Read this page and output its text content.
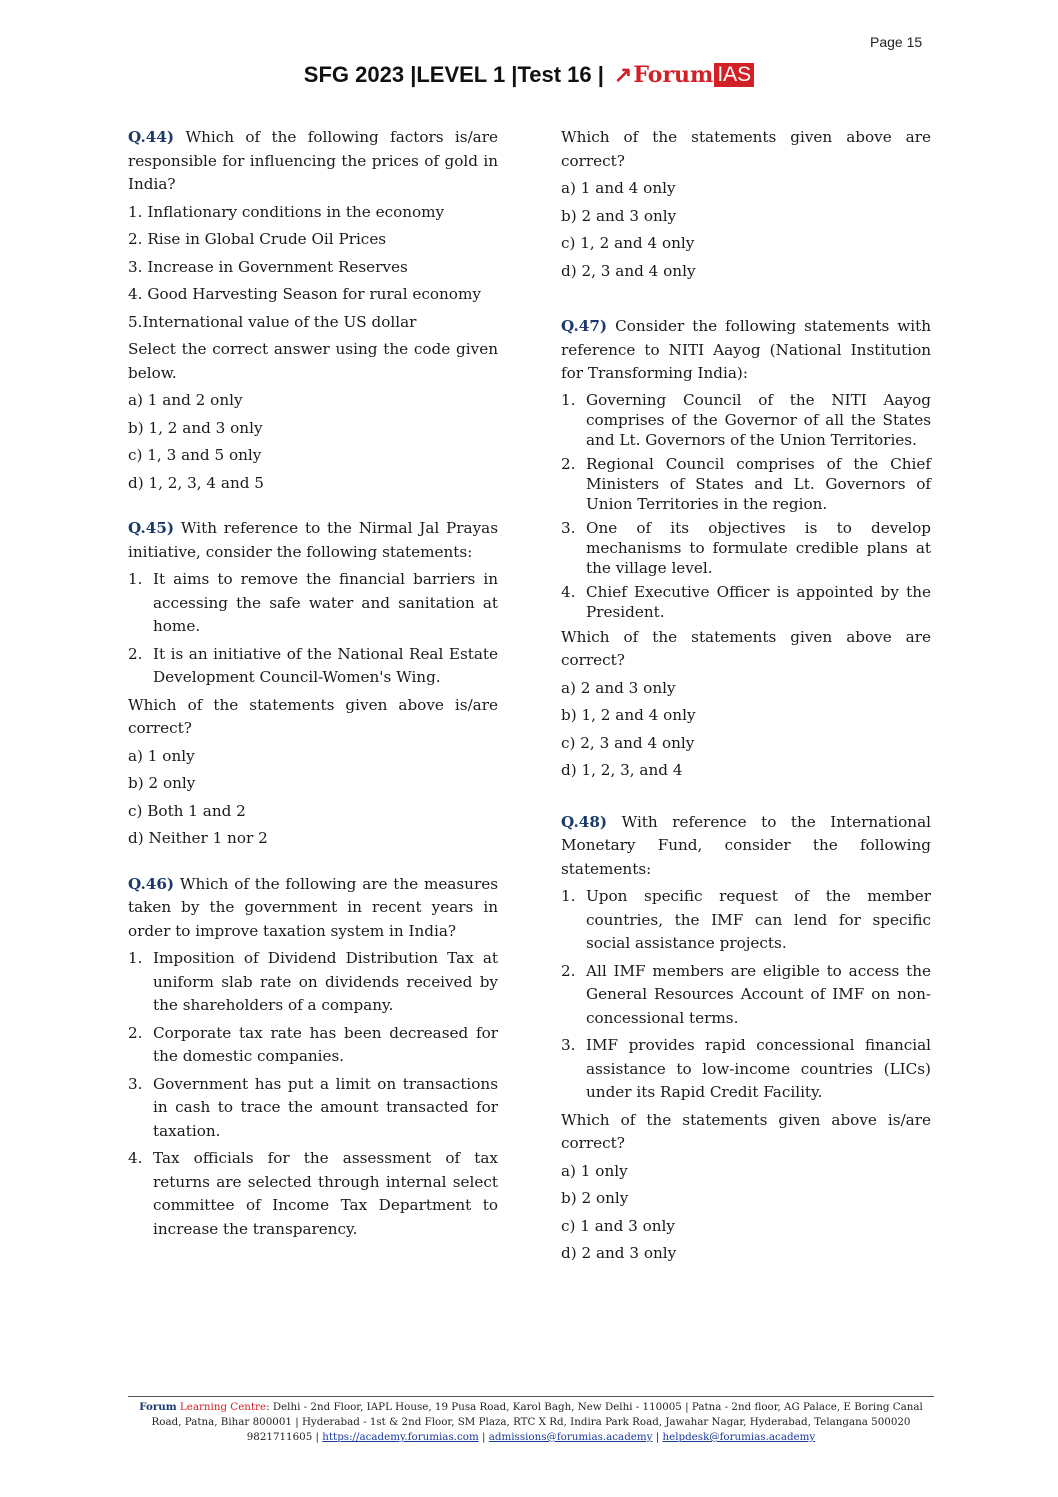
Page 15
SFG 2023 |LEVEL 1 |Test 16 | ↗ Forum IAS

Q.44) Which of the following factors is/are responsible for influencing the prices of gold in India?

1. Inflationary conditions in the economy
2. Rise in Global Crude Oil Prices
3. Increase in Government Reserves
4. Good Harvesting Season for rural economy
5.International value of the US dollar

Select the correct answer using the code given below.

a) 1 and 2 only
b) 1, 2 and 3 only
c) 1, 3 and 5 only
d) 1, 2, 3, 4 and 5

Q.45) With reference to the Nirmal Jal Prayas initiative, consider the following statements:

1. It aims to remove the financial barriers in accessing the safe water and sanitation at home.
2. It is an initiative of the National Real Estate Development Council-Women's Wing.

Which of the statements given above is/are correct?

a) 1 only
b) 2 only
c) Both 1 and 2
d) Neither 1 nor 2

Q.46) Which of the following are the measures taken by the government in recent years in order to improve taxation system in India?

1. Imposition of Dividend Distribution Tax at uniform slab rate on dividends received by the shareholders of a company.
2. Corporate tax rate has been decreased for the domestic companies.
3. Government has put a limit on transactions in cash to trace the amount transacted for taxation.
4. Tax officials for the assessment of tax returns are selected through internal select committee of Income Tax Department to increase the transparency.

Which of the statements given above are correct?

a) 1 and 4 only
b) 2 and 3 only
c) 1, 2 and 4 only
d) 2, 3 and 4 only

Q.47) Consider the following statements with reference to NITI Aayog (National Institution for Transforming India):

1. Governing Council of the NITI Aayog comprises of the Governor of all the States and Lt. Governors of the Union Territories.
2. Regional Council comprises of the Chief Ministers of States and Lt. Governors of Union Territories in the region.
3. One of its objectives is to develop mechanisms to formulate credible plans at the village level.
4. Chief Executive Officer is appointed by the President.

Which of the statements given above are correct?

a) 2 and 3 only
b) 1, 2 and 4 only
c) 2, 3 and 4 only
d) 1, 2, 3, and 4

Q.48) With reference to the International Monetary Fund, consider the following statements:

1. Upon specific request of the member countries, the IMF can lend for specific social assistance projects.
2. All IMF members are eligible to access the General Resources Account of IMF on non-concessional terms.
3. IMF provides rapid concessional financial assistance to low-income countries (LICs) under its Rapid Credit Facility.

Which of the statements given above is/are correct?

a) 1 only
b) 2 only
c) 1 and 3 only
d) 2 and 3 only
Forum Learning Centre: Delhi - 2nd Floor, IAPL House, 19 Pusa Road, Karol Bagh, New Delhi - 110005 | Patna - 2nd floor, AG Palace, E Boring Canal Road, Patna, Bihar 800001 | Hyderabad - 1st & 2nd Floor, SM Plaza, RTC X Rd, Indira Park Road, Jawahar Nagar, Hyderabad, Telangana 500020
9821711605 | https://academy.forumias.com | admissions@forumias.academy | helpdesk@forumias.academy
